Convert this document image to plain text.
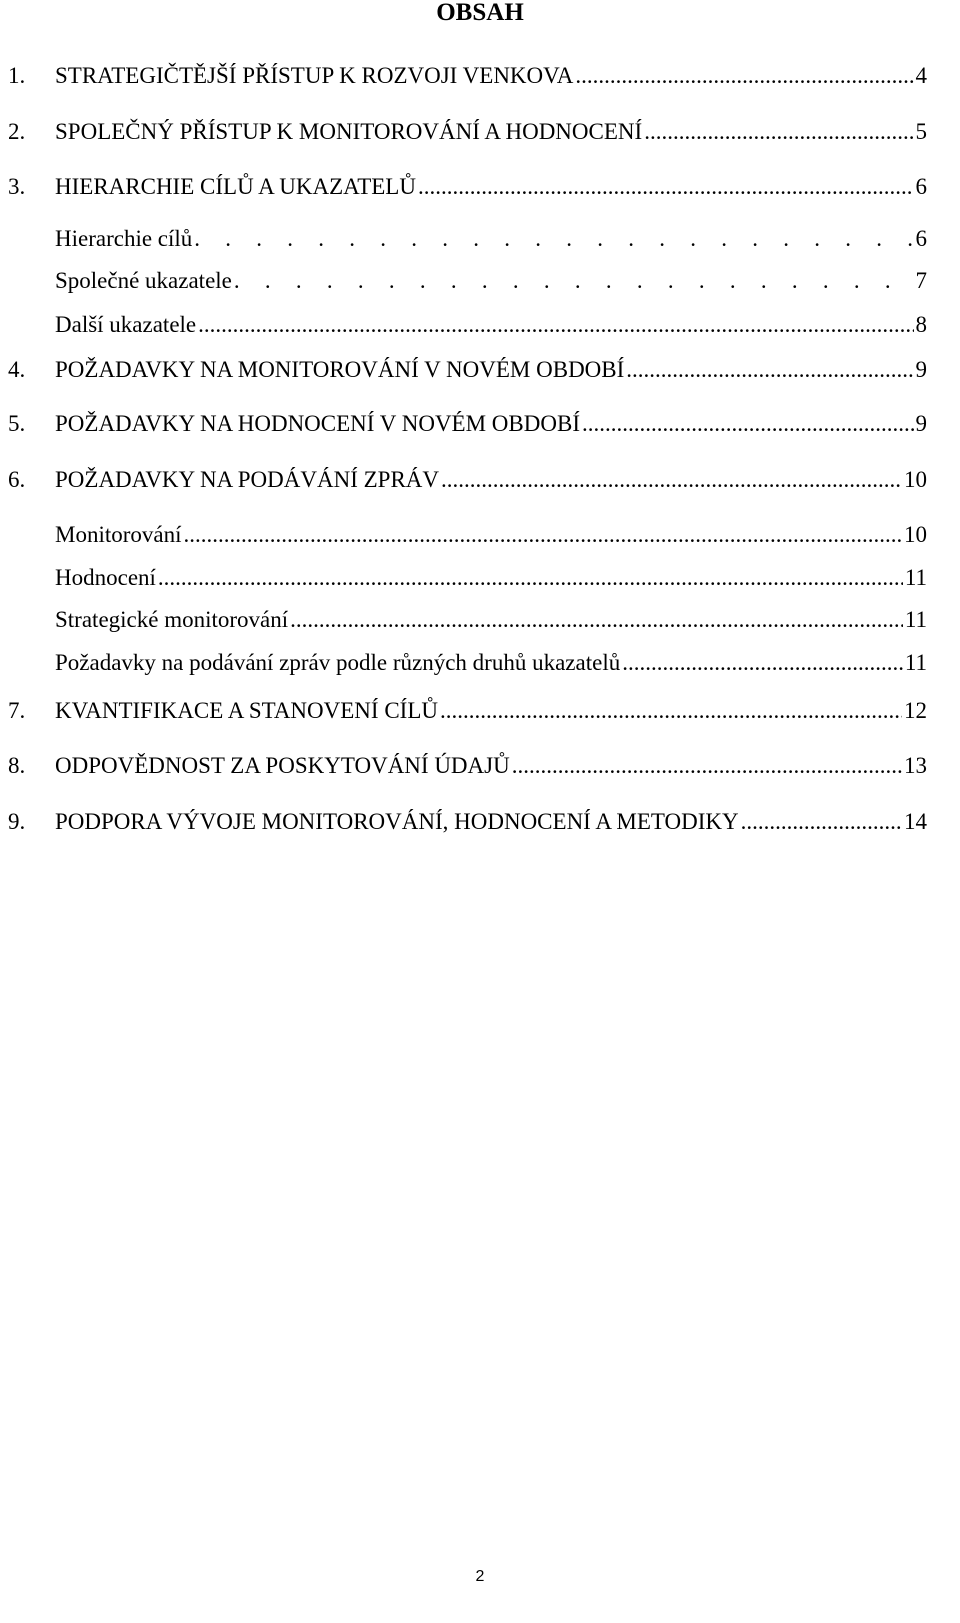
OBSAH
1. STRATEGIČTĚJŠÍ PŘÍSTUP K ROZVOJI VENKOVA .....	4
2. SPOLEČNÝ PŘÍSTUP K MONITOROVÁNÍ A HODNOCENÍ .....	5
3. HIERARCHIE CÍLŮ A UKAZATELŮ .....	6
Hierarchie cílů . .	6
Společné ukazatele . .	7
Další ukazatele .....	8
4. POŽADAVKY NA MONITOROVÁNÍ V NOVÉM OBDOBÍ .....	9
5. POŽADAVKY NA HODNOCENÍ V NOVÉM OBDOBÍ .....	9
6. POŽADAVKY NA PODÁVÁNÍ ZPRÁV .....	10
Monitorování .....	10
Hodnocení .....	11
Strategické monitorování .....	11
Požadavky na podávání zpráv podle různých druhů ukazatelů .....	11
7. KVANTIFIKACE A STANOVENÍ CÍLŮ .....	12
8. ODPOVĚDNOST ZA POSKYTOVÁNÍ ÚDAJŮ .....	13
9. PODPORA VÝVOJE MONITOROVÁNÍ, HODNOCENÍ A METODIKY .....	14
2
